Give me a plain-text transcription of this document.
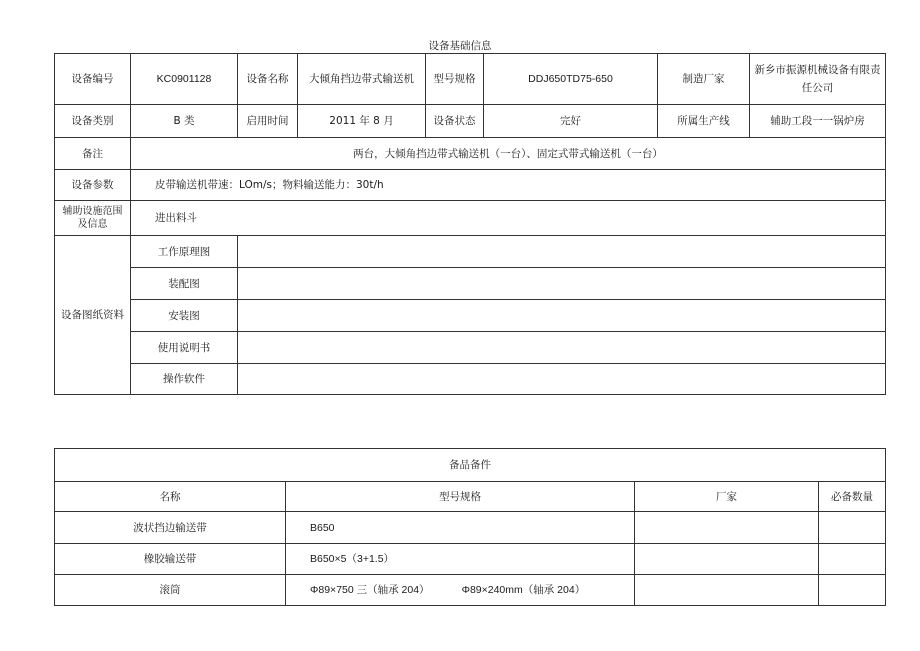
设备基础信息
设备编号	KC0901128	设备名称	大倾角挡边带式输送机	型号规格	DDJ650TD75-650	制造厂家	新乡市振源机械设备有限责任公司
设备类别	B 类	启用时间	2011 年 8 月	设备状态	完好	所属生产线	辅助工段一一锅炉房
备注	两台，大倾角挡边带式输送机（一台）、固定式带式输送机（一台）						
设备参数	皮带输送机带速：LOm/s；物料输送能力：30t/h						
辅助设施范围及信息	进出料斗						
设备图纸资料	工作原理图						
	装配图						
	安装图						
	使用说明书						
	操作软件						
备品备件			
名称	型号规格	厂家	必备数量
波状挡边输送带	B650		
橡胶输送带	B650×5（3+1.5）		
滚筒	Φ89×750 三（轴承 204） Φ89×240mm（轴承 204）		
